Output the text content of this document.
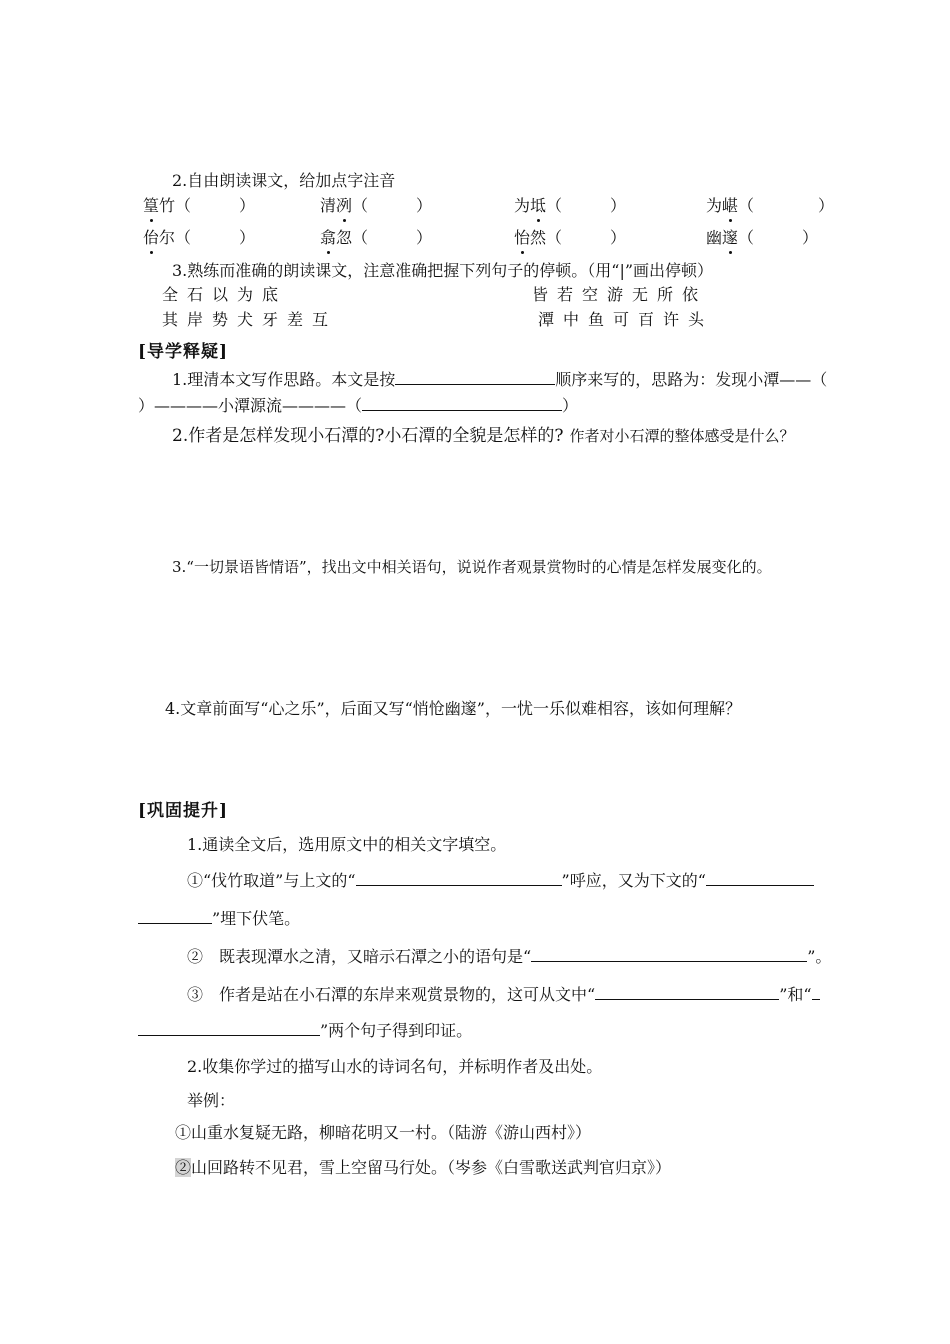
2.自由朗读课文，给加点字注音
篁竹（　　　）	清冽（　　　）	为坻（　　　）	为嵁（　　　　）
佁尔（　　　）	翕忽（　　　）	怡然（　　　）	幽邃（　　　）
3.熟练而准确的朗读课文，注意准确把握下列句子的停顿。（用“|”画出停顿）
全石以为底	皆若空游无所依
其岸势犬牙差互	潭中鱼可百许头
[导学释疑]
1.理清本文写作思路。本文是按	顺序来写的，思路为：发现小潭——（
）————小潭源流————（	）
2.作者是怎样发现小石潭的?小石潭的全貌是怎样的? 作者对小石潭的整体感受是什么？
3.“一切景语皆情语”，找出文中相关语句，说说作者观景赏物时的心情是怎样发展变化的。
4.文章前面写“心之乐”，后面又写“悄怆幽邃”，一忧一乐似难相容，该如何理解？
[巩固提升]
1.通读全文后，选用原文中的相关文字填空。
①“伐竹取道”与上文的“	”呼应，又为下文的“
”埋下伏笔。
②　既表现潭水之清，又暗示石潭之小的语句是“	”。
③　作者是站在小石潭的东岸来观赏景物的，这可从文中“	”和“
”两个句子得到印证。
2.收集你学过的描写山水的诗词名句，并标明作者及出处。
举例：
①山重水复疑无路，柳暗花明又一村。（陆游《游山西村》）
②山回路转不见君，雪上空留马行处。（岑参《白雪歌送武判官归京》）
